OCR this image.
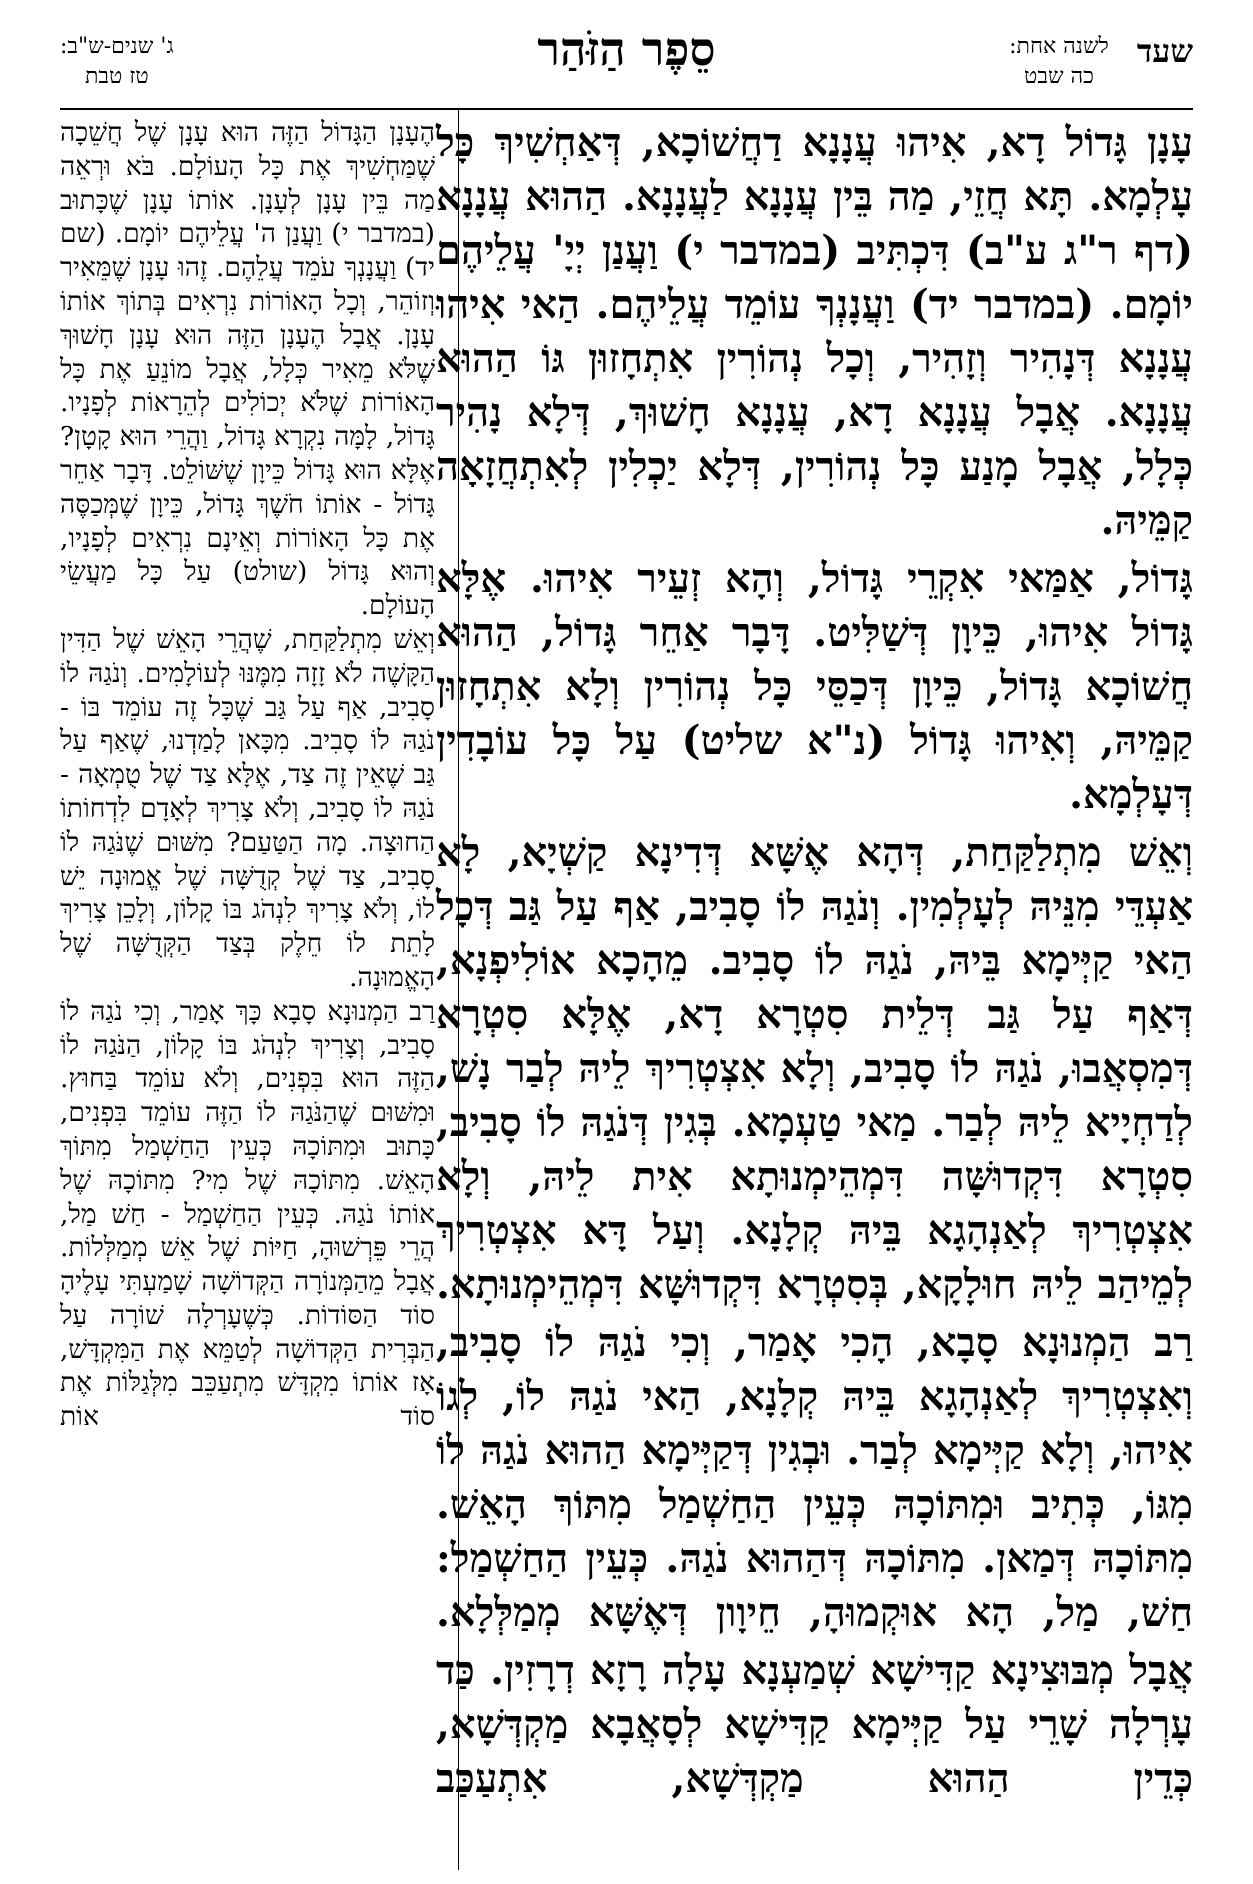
שעד
לשנה אחת:
כה שבט
סֵפֶר הַזֹּהַר
ג' שנים-ש"ב:
טז טבת

עָנָן גָּדוֹל דָא, אִיהוּ עֲנָנָא דַחֲשׁוֹכָא, דְּאַחְשִׁיךְ כָּל עָלְמָא. תָּא חֲזֵי, מַה בֵּין עֲנָנָא לַעֲנָנָא. הַהוּא עֲנָנָא (דף ר"ג ע"ב) דִּכְתִּיב (במדבר י) וַעֲנַן יְיָ' עֲלֵיהֶם יוֹמָם. (במדבר יד) וַעֲנָנְךָ עוֹמֵד עֲלֵיהֶם. הַאי אִיהוּ עֲנָנָא דְּנָהִיר וְזָהִיר, וְכָל נְהוֹרִין אִתְחָזוּן גּוֹ הַהוּא עֲנָנָא. אֲבָל עֲנָנָא דָא, עֲנָנָא חָשׁוּךְ, דְּלָא נָהִיר כְּלָל, אֲבָל מָנַע כָּל נְהוֹרִין, דְּלָא יַכְלִין לְאִתְחֲזָאָה קַמֵּיהּ.

גָּדוֹל, אַמַּאי אִקְרֵי גָּדוֹל, וְהָא זְעֵיר אִיהוּ. אֶלָּא גָּדוֹל אִיהוּ, כֵּיוָן דְּשַׁלִּיט. דָּבָר אַחֵר גָּדוֹל, הַהוּא חֲשׁוֹכָא גָּדוֹל, כֵּיוָן דְּכַסֵּי כָּל נְהוֹרִין וְלָא אִתְחָזוּן קַמֵּיהּ, וְאִיהוּ גָּדוֹל (נ"א שליט) עַל כָּל עוֹבָדִין דְּעָלְמָא.

וְאֵשׁ מִתְלַקַּחַת, דְּהָא אֶשָּׁא דְּדִינָא קַשְׁיָא, לָא אַעְדֵּי מִנֵּיהּ לְעָלְמִין. וְנֹגַהּ לוֹ סָבִיב, אַף עַל גַּב דְּכָל הַאי קַיְּימָא בֵּיהּ, נֹגַהּ לוֹ סָבִיב. מֵהָכָא אוֹלִיפְנָא, דְּאַף עַל גַּב דְּלֵית סִטְרָא דָא, אֶלָּא סִטְרָא דְּמִסְאֲבוּ, נֹגַהּ לוֹ סָבִיב, וְלָא אִצְטְרִיךְ לֵיהּ לְבַר נָשׁ, לְדַחְיָיא לֵיהּ לְבַר. מַאי טַעְמָא. בְּגִין דְּנֹגַהּ לוֹ סָבִיב, סִטְרָא דִּקְדוּשָּׁה דִּמְהֵימְנוּתָא אִית לֵיהּ, וְלָא אִצְטְרִיךְ לְאַנְהָגָא בֵּיהּ קְלָנָא. וְעַל דָּא אִצְטְרִיךְ לְמֵיהַב לֵיהּ חוּלָקָא, בְּסִטְרָא דִּקְדוּשָּׁא דִּמְהֵימְנוּתָא.

רַב הַמְנוּנָא סָבָא, הָכִי אָמַר, וְכִי נֹגַהּ לוֹ סָבִיב, וְאִצְטְרִיךְ לְאַנְהָגָא בֵּיהּ קְלָנָא, הַאי נֹגַהּ לוֹ, לְגוֹ אִיהוּ, וְלָא קַיְּימָא לְבַר. וּבְגִין דְּקַיְּימָא הַהוּא נֹגַהּ לוֹ מִגּוֹ, כְּתִיב וּמִתּוֹכָהּ כְּעֵין הַחַשְׁמַל מִתּוֹךְ הָאֵשׁ. מִתּוֹכָהּ דְּמַאן. מִתּוֹכָהּ דְּהַהוּא נֹגַהּ. כְּעֵין הַחַשְׁמַל: חַשׁ, מַל, הָא אוּקְמוּהָ, חֵיוָון דְּאֶשָּׁא מְמַלְּלָא.

אֲבָל מְבּוּצִינָא קַדִּישָׁא שְׁמַעְנָא עָלָה רָזָא דְרָזִין. כַּד עָרְלָה שָׁרֵי עַל קַיְּימָא קַדִּישָׁא לְסָאֲבָא מַקְדְּשָׁא, כְּדֵין הַהוּא מַקְדְּשָׁא, אִתְעַכַּב

הֶעָנָן הַגָּדוֹל הַזֶּה הוּא עָנָן שֶׁל חֲשֵׁכָה שֶׁמַּחְשִׁיךְ אֶת כָּל הָעוֹלָם. בֹּא וּרְאֵה מַה בֵּין עָנָן לְעָנָן. אוֹתוֹ עָנָן שֶׁכָּתוּב (במדבר י) וַעֲנַן ה' עֲלֵיהֶם יוֹמָם. (שם יד) וַעֲנָנְךָ עֹמֵד עֲלֵהֶם. זֶהוּ עָנָן שֶׁמֵּאִיר וְזוֹהֵר, וְכָל הָאוֹרוֹת נִרְאִים בְּתוֹךְ אוֹתוֹ עָנָן. אֲבָל הֶעָנָן הַזֶּה הוּא עָנָן חָשׁוּךְ שֶׁלֹּא מֵאִיר כְּלָל, אֲבָל מוֹנֵעַ אֶת כָּל הָאוֹרוֹת שֶׁלֹּא יְכוֹלִים לְהֵרָאוֹת לְפָנָיו.

גָּדוֹל, לָמָּה נִקְרָא גָּדוֹל, וַהֲרֵי הוּא קָטָן? אֶלָּא הוּא גָּדוֹל כֵּיוָן שֶׁשּׁוֹלֵט. דָּבָר אַחֵר גָּדוֹל - אוֹתוֹ חֹשֶׁךְ גָּדוֹל, כֵּיוָן שֶׁמְּכַסֶּה אֶת כָּל הָאוֹרוֹת וְאֵינָם נִרְאִים לְפָנָיו, וְהוּא גָּדוֹל (שולט) עַל כָּל מַעֲשֵׂי הָעוֹלָם.

וְאֵשׁ מִתְלַקַּחַת, שֶׁהֲרֵי הָאֵשׁ שֶׁל הַדִּין הַקָּשֶׁה לֹא זָזָה מִמֶּנּוּ לְעוֹלָמִים. וְנֹגַהּ לוֹ סָבִיב, אַף עַל גַּב שֶׁכָּל זֶה עוֹמֵד בּוֹ - נֹגַהּ לוֹ סָבִיב. מִכָּאן לָמַדְנוּ, שֶׁאַף עַל גַּב שֶׁאֵין זֶה צַד, אֶלָּא צַד שֶׁל טֻמְאָה - נֹגַהּ לוֹ סָבִיב, וְלֹא צָרִיךְ לְאָדָם לִדְחוֹתוֹ הַחוּצָה. מָה הַטַּעַם? מִשּׁוּם שֶׁנֹּגַהּ לוֹ סָבִיב, צַד שֶׁל קְדֻשָּׁה שֶׁל אֱמוּנָה יֵשׁ לוֹ, וְלֹא צָרִיךְ לִנְהֹג בּוֹ קָלוֹן, וְלָכֵן צָרִיךְ לָתֵת לוֹ חֵלֶק בְּצַד הַקְּדֻשָּׁה שֶׁל הָאֱמוּנָה.

רַב הַמְנוּנָא סָבָא כָּךְ אָמַר, וְכִי נֹגַהּ לוֹ סָבִיב, וְצָרִיךְ לִנְהֹג בּוֹ קָלוֹן, הַנֹּגַהּ לוֹ הַזֶּה הוּא בִּפְנִים, וְלֹא עוֹמֵד בַּחוּץ. וּמִשּׁוּם שֶׁהַנֹּגַהּ לוֹ הַזֶּה עוֹמֵד בִּפְנִים, כָּתוּב וּמִתּוֹכָהּ כְּעֵין הַחַשְׁמַל מִתּוֹךְ הָאֵשׁ. מִתּוֹכָהּ שֶׁל מִי? מִתּוֹכָהּ שֶׁל אוֹתוֹ נֹגַהּ. כְּעֵין הַחַשְׁמַל - חַשׁ מַל, הֲרֵי פֵּרְשׁוּהָ, חַיּוֹת שֶׁל אֵשׁ מְמַלְּלוֹת.

אֲבָל מֵהַמְּנוֹרָה הַקְּדוֹשָׁה שָׁמַעְתִּי עָלֶיהָ סוֹד הַסּוֹדוֹת. כְּשֶׁעָרְלָה שׁוֹרָה עַל הַבְּרִית הַקְּדוֹשָׁה לְטַמֵּא אֶת הַמִּקְדָּשׁ, אָז אוֹתוֹ מִקְדָּשׁ מִתְעַכֵּב מִלְּגַלּוֹת אֶת סוֹד אוֹת
